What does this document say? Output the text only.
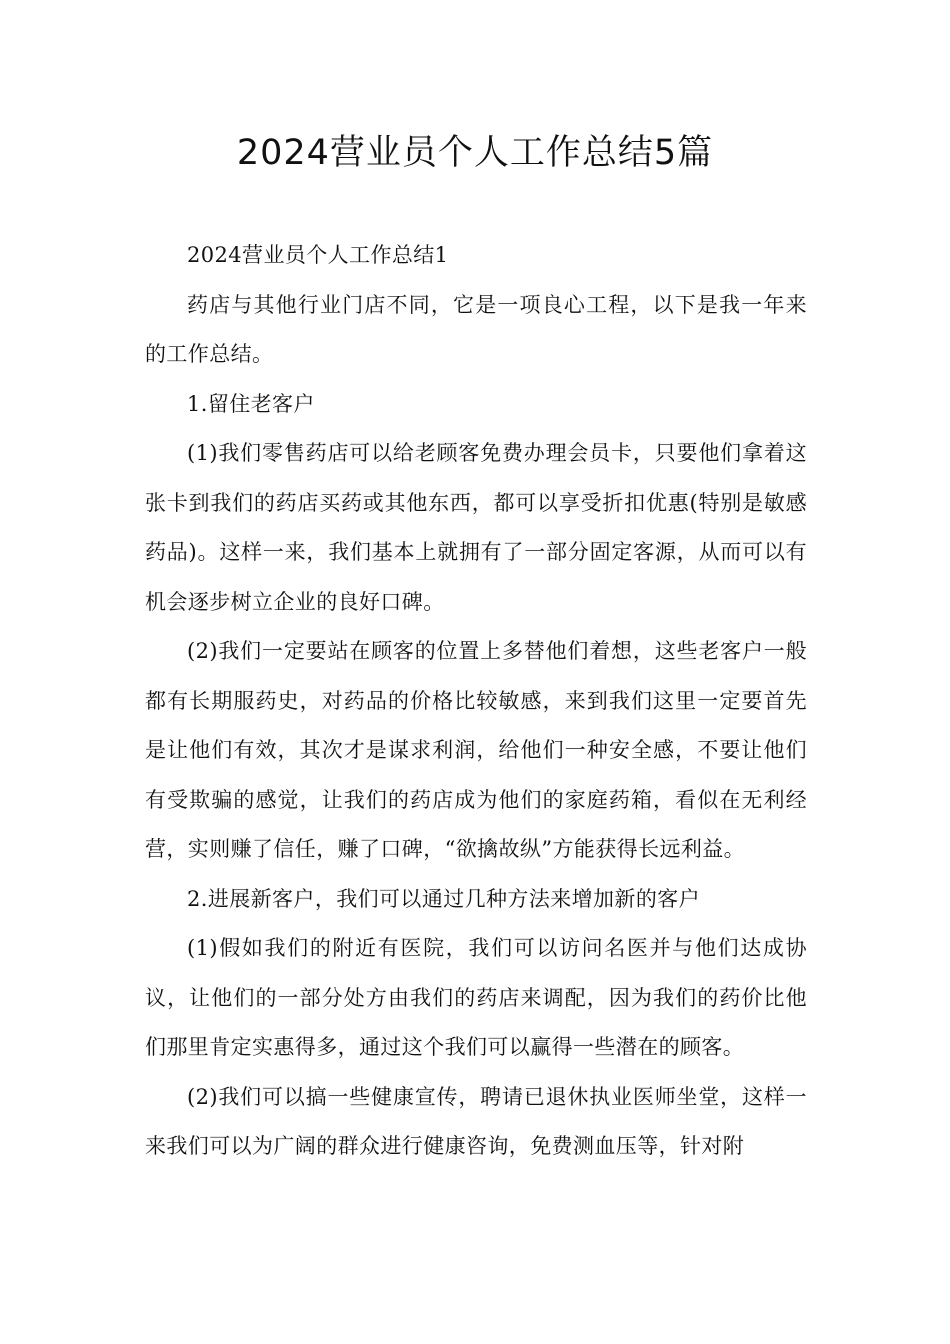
2024营业员个人工作总结5篇

2024营业员个人工作总结1

药店与其他行业门店不同，它是一项良心工程，以下是我一年来的工作总结。

1.留住老客户

(1)我们零售药店可以给老顾客免费办理会员卡，只要他们拿着这张卡到我们的药店买药或其他东西，都可以享受折扣优惠(特别是敏感药品)。这样一来，我们基本上就拥有了一部分固定客源，从而可以有机会逐步树立企业的良好口碑。

(2)我们一定要站在顾客的位置上多替他们着想，这些老客户一般都有长期服药史，对药品的价格比较敏感，来到我们这里一定要首先是让他们有效，其次才是谋求利润，给他们一种安全感，不要让他们有受欺骗的感觉，让我们的药店成为他们的家庭药箱，看似在无利经营，实则赚了信任，赚了口碑，“欲擒故纵”方能获得长远利益。

2.进展新客户，我们可以通过几种方法来增加新的客户

(1)假如我们的附近有医院，我们可以访问名医并与他们达成协议，让他们的一部分处方由我们的药店来调配，因为我们的药价比他们那里肯定实惠得多，通过这个我们可以赢得一些潜在的顾客。

(2)我们可以搞一些健康宣传，聘请已退休执业医师坐堂，这样一来我们可以为广阔的群众进行健康咨询，免费测血压等，针对附
